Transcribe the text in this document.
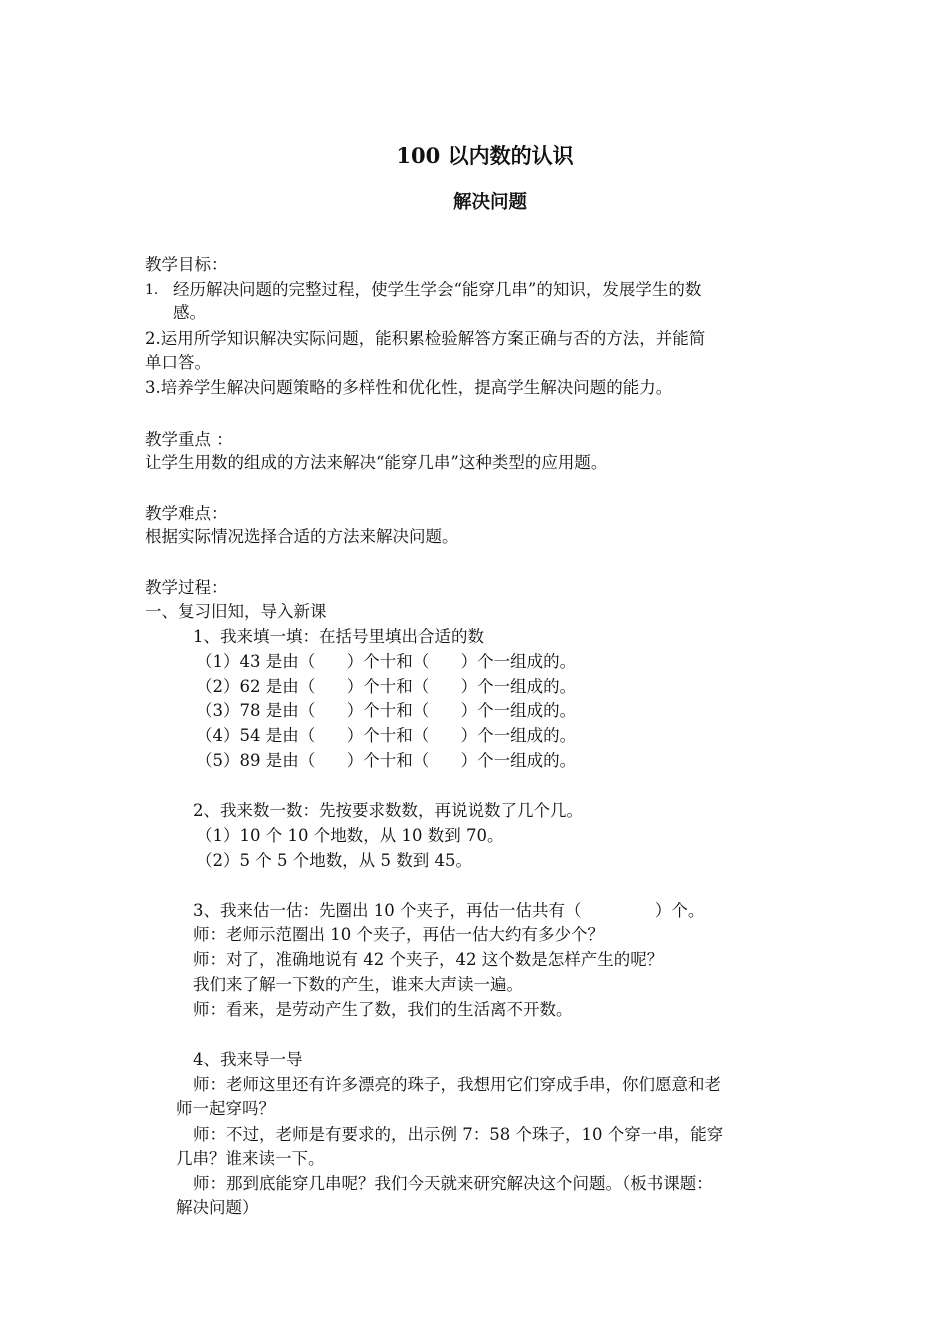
100 以内数的认识
解决问题
教学目标：
1. 经历解决问题的完整过程，使学生学会“能穿几串”的知识，发展学生的数
感。
2.运用所学知识解决实际问题，能积累检验解答方案正确与否的方法，并能简
单口答。
3.培养学生解决问题策略的多样性和优化性，提高学生解决问题的能力。
教学重点 ：
让学生用数的组成的方法来解决“能穿几串”这种类型的应用题。
教学难点：
根据实际情况选择合适的方法来解决问题。
教学过程：
一、复习旧知，导入新课
1、我来填一填：在括号里填出合适的数
（1）43 是由（      ）个十和（      ）个一组成的。
（2）62 是由（      ）个十和（      ）个一组成的。
（3）78 是由（      ）个十和（      ）个一组成的。
（4）54 是由（      ）个十和（      ）个一组成的。
（5）89 是由（      ）个十和（      ）个一组成的。
2、我来数一数：先按要求数数，再说说数了几个几。
（1）10 个 10 个地数，从 10 数到 70。
（2）5 个 5 个地数，从 5 数到 45。
3、我来估一估：先圈出 10 个夹子，再估一估共有（              ）个。
师：老师示范圈出 10 个夹子，再估一估大约有多少个？
师：对了，准确地说有 42 个夹子，42 这个数是怎样产生的呢？
我们来了解一下数的产生，谁来大声读一遍。
师：看来，是劳动产生了数，我们的生活离不开数。
4、我来导一导
师：老师这里还有许多漂亮的珠子，我想用它们穿成手串，你们愿意和老
师一起穿吗？
师：不过，老师是有要求的，出示例 7：58 个珠子，10 个穿一串，能穿
几串？谁来读一下。
师：那到底能穿几串呢？我们今天就来研究解决这个问题。（板书课题：
解决问题）
